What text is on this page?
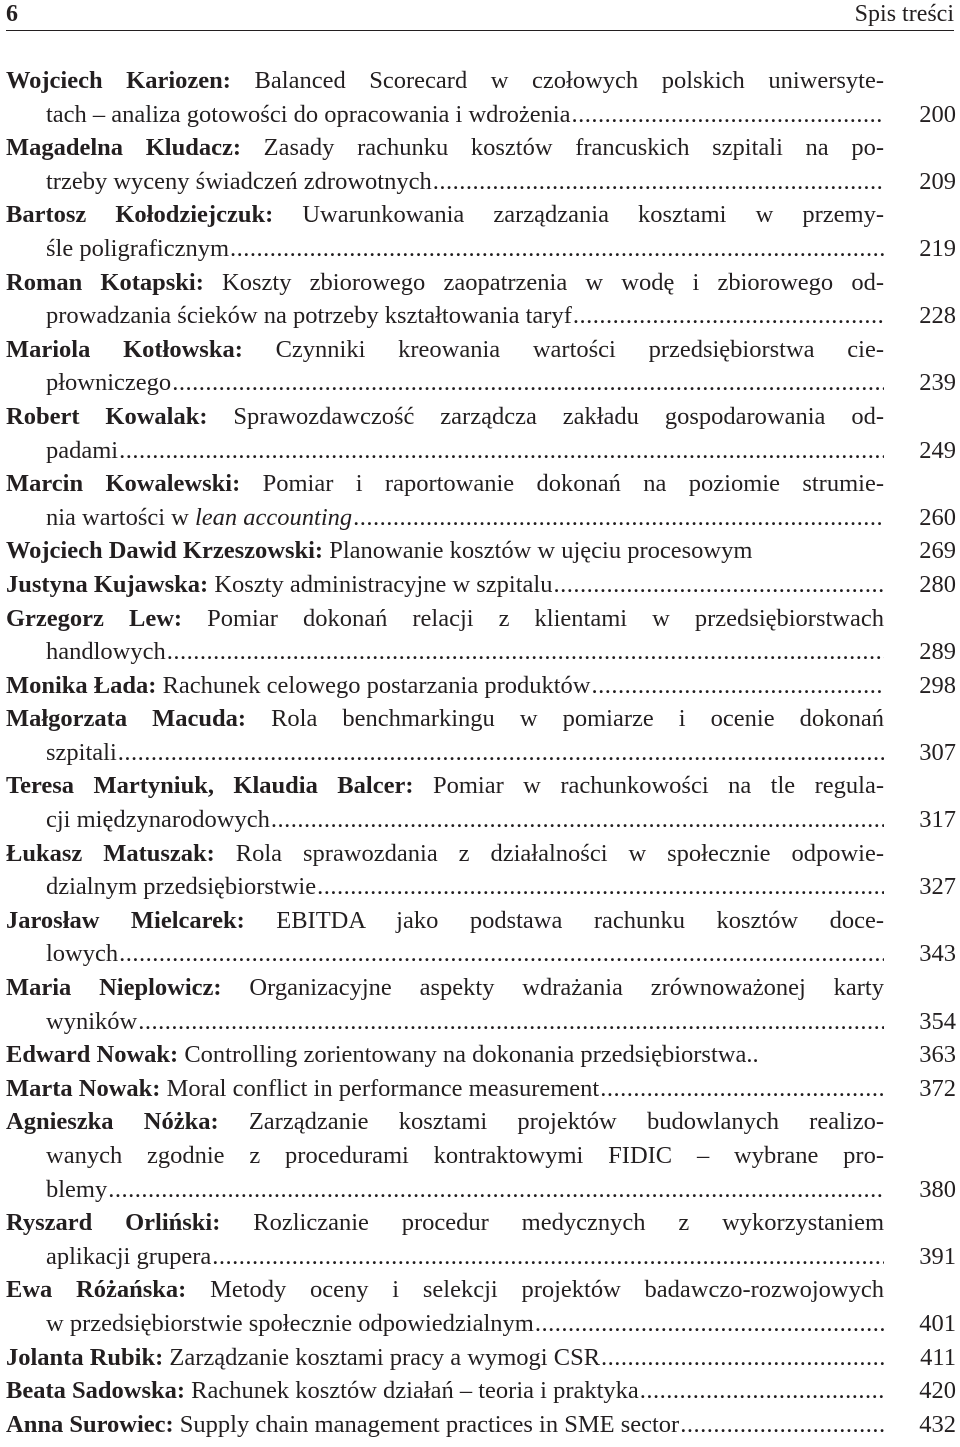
6	Spis treści
Wojciech Kariozen: Balanced Scorecard w czołowych polskich uniwersyte-
tach – analiza gotowości do opracowania i wdrożenia .....	200
Magadelna Kludacz: Zasady rachunku kosztów francuskich szpitali na po-
trzeby wyceny świadczeń zdrowotnych .....	209
Bartosz Kołodziejczuk: Uwarunkowania zarządzania kosztami w przemy-
śle poligraficznym .....	219
Roman Kotapski: Koszty zbiorowego zaopatrzenia w wodę i zbiorowego od-
prowadzania ścieków na potrzeby kształtowania taryf .....	228
Mariola Kotłowska: Czynniki kreowania wartości przedsiębiorstwa cie-
płowniczego .....	239
Robert Kowalak: Sprawozdawczość zarządcza zakładu gospodarowania od-
padami .....	249
Marcin Kowalewski: Pomiar i raportowanie dokonań na poziomie strumie-
nia wartości w lean accounting .....	260
Wojciech Dawid Krzeszowski: Planowanie kosztów w ujęciu procesowym	269
Justyna Kujawska: Koszty administracyjne w szpitalu .....	280
Grzegorz Lew: Pomiar dokonań relacji z klientami w przedsiębiorstwach
handlowych .....	289
Monika Łada: Rachunek celowego postarzania produktów .....	298
Małgorzata Macuda: Rola benchmarkingu w pomiarze i ocenie dokonań
szpitali .....	307
Teresa Martyniuk, Klaudia Balcer: Pomiar w rachunkowości na tle regula-
cji międzynarodowych .....	317
Łukasz Matuszak: Rola sprawozdania z działalności w społecznie odpowie-
dzialnym przedsiębiorstwie .....	327
Jarosław Mielcarek: EBITDA jako podstawa rachunku kosztów doce-
lowych .....	343
Maria Nieplowicz: Organizacyjne aspekty wdrażania zrównoważonej karty
wyników .....	354
Edward Nowak: Controlling zorientowany na dokonania przedsiębiorstwa..	363
Marta Nowak: Moral conflict in performance measurement .....	372
Agnieszka Nóżka: Zarządzanie kosztami projektów budowlanych realizo-
wanych zgodnie z procedurami kontraktowymi FIDIC – wybrane pro-
blemy .....	380
Ryszard Orliński: Rozliczanie procedur medycznych z wykorzystaniem
aplikacji grupera .....	391
Ewa Różańska: Metody oceny i selekcji projektów badawczo-rozwojowych
w przedsiębiorstwie społecznie odpowiedzialnym .....	401
Jolanta Rubik: Zarządzanie kosztami pracy a wymogi CSR .....	411
Beata Sadowska: Rachunek kosztów działań – teoria i praktyka .....	420
Anna Surowiec: Supply chain management practices in SME sector .....	432
